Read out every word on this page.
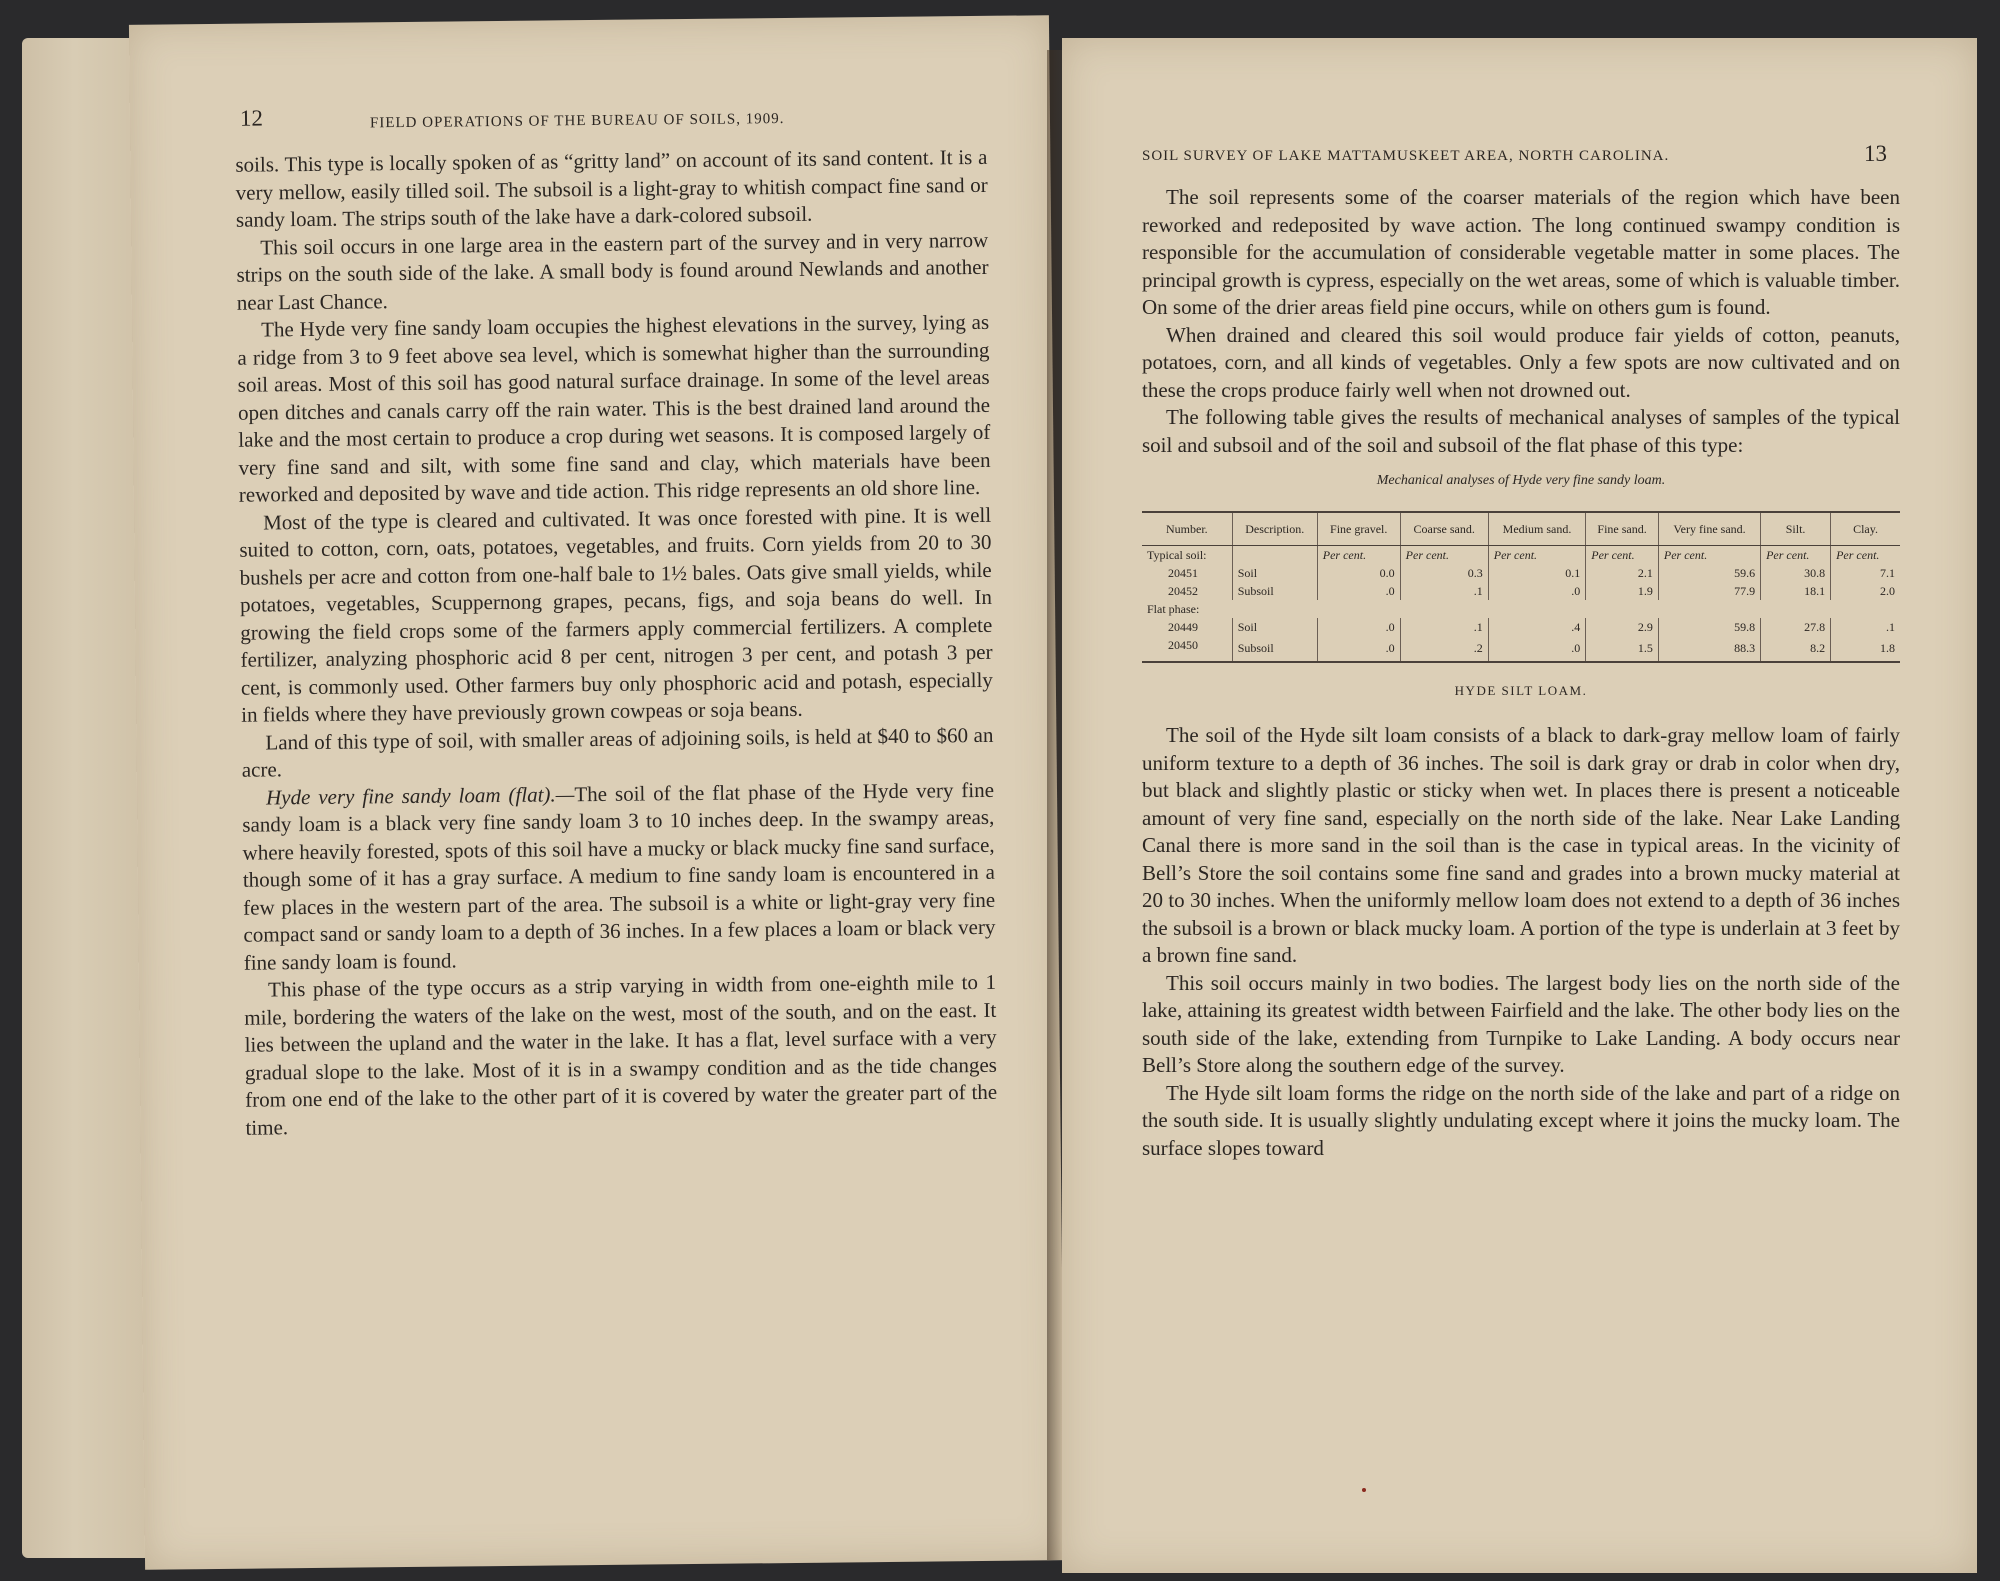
12	FIELD OPERATIONS OF THE BUREAU OF SOILS, 1909.

soils. This type is locally spoken of as “gritty land” on account of its sand content. It is a very mellow, easily tilled soil. The subsoil is a light-gray to whitish compact fine sand or sandy loam. The strips south of the lake have a dark-colored subsoil.

This soil occurs in one large area in the eastern part of the survey and in very narrow strips on the south side of the lake. A small body is found around Newlands and another near Last Chance.

The Hyde very fine sandy loam occupies the highest elevations in the survey, lying as a ridge from 3 to 9 feet above sea level, which is somewhat higher than the surrounding soil areas. Most of this soil has good natural surface drainage. In some of the level areas open ditches and canals carry off the rain water. This is the best drained land around the lake and the most certain to produce a crop during wet seasons. It is composed largely of very fine sand and silt, with some fine sand and clay, which materials have been reworked and deposited by wave and tide action. This ridge represents an old shore line.

Most of the type is cleared and cultivated. It was once forested with pine. It is well suited to cotton, corn, oats, potatoes, vegetables, and fruits. Corn yields from 20 to 30 bushels per acre and cotton from one-half bale to 1½ bales. Oats give small yields, while potatoes, vegetables, Scuppernong grapes, pecans, figs, and soja beans do well. In growing the field crops some of the farmers apply commercial fertilizers. A complete fertilizer, analyzing phosphoric acid 8 per cent, nitrogen 3 per cent, and potash 3 per cent, is commonly used. Other farmers buy only phosphoric acid and potash, especially in fields where they have previously grown cowpeas or soja beans.

Land of this type of soil, with smaller areas of adjoining soils, is held at $40 to $60 an acre.

Hyde very fine sandy loam (flat).—The soil of the flat phase of the Hyde very fine sandy loam is a black very fine sandy loam 3 to 10 inches deep. In the swampy areas, where heavily forested, spots of this soil have a mucky or black mucky fine sand surface, though some of it has a gray surface. A medium to fine sandy loam is encountered in a few places in the western part of the area. The subsoil is a white or light-gray very fine compact sand or sandy loam to a depth of 36 inches. In a few places a loam or black very fine sandy loam is found.

This phase of the type occurs as a strip varying in width from one-eighth mile to 1 mile, bordering the waters of the lake on the west, most of the south, and on the east. It lies between the upland and the water in the lake. It has a flat, level surface with a very gradual slope to the lake. Most of it is in a swampy condition and as the tide changes from one end of the lake to the other part of it is covered by water the greater part of the time.

SOIL SURVEY OF LAKE MATTAMUSKEET AREA, NORTH CAROLINA.	13

The soil represents some of the coarser materials of the region which have been reworked and redeposited by wave action. The long continued swampy condition is responsible for the accumulation of considerable vegetable matter in some places. The principal growth is cypress, especially on the wet areas, some of which is valuable timber. On some of the drier areas field pine occurs, while on others gum is found.

When drained and cleared this soil would produce fair yields of cotton, peanuts, potatoes, corn, and all kinds of vegetables. Only a few spots are now cultivated and on these the crops produce fairly well when not drowned out.

The following table gives the results of mechanical analyses of samples of the typical soil and subsoil and of the soil and subsoil of the flat phase of this type:

Mechanical analyses of Hyde very fine sandy loam.
Number.	Description.	Fine gravel.	Coarse sand.	Medium sand.	Fine sand.	Very fine sand.	Silt.	Clay.
Typical soil:		Per cent.	Per cent.	Per cent.	Per cent.	Per cent.	Per cent.	Per cent.
20451	Soil	0.0	0.3	0.1	2.1	59.6	30.8	7.1
20452	Subsoil	.0	.1	.0	1.9	77.9	18.1	2.0
Flat phase:								
20449	Soil	.0	.1	.4	2.9	59.8	27.8	.1
20450	Subsoil	.0	.2	.0	1.5	88.3	8.2	1.8
HYDE SILT LOAM.

The soil of the Hyde silt loam consists of a black to dark-gray mellow loam of fairly uniform texture to a depth of 36 inches. The soil is dark gray or drab in color when dry, but black and slightly plastic or sticky when wet. In places there is present a noticeable amount of very fine sand, especially on the north side of the lake. Near Lake Landing Canal there is more sand in the soil than is the case in typical areas. In the vicinity of Bell’s Store the soil contains some fine sand and grades into a brown mucky material at 20 to 30 inches. When the uniformly mellow loam does not extend to a depth of 36 inches the subsoil is a brown or black mucky loam. A portion of the type is underlain at 3 feet by a brown fine sand.

This soil occurs mainly in two bodies. The largest body lies on the north side of the lake, attaining its greatest width between Fairfield and the lake. The other body lies on the south side of the lake, extending from Turnpike to Lake Landing. A body occurs near Bell’s Store along the southern edge of the survey.

The Hyde silt loam forms the ridge on the north side of the lake and part of a ridge on the south side. It is usually slightly undulating except where it joins the mucky loam. The surface slopes toward
